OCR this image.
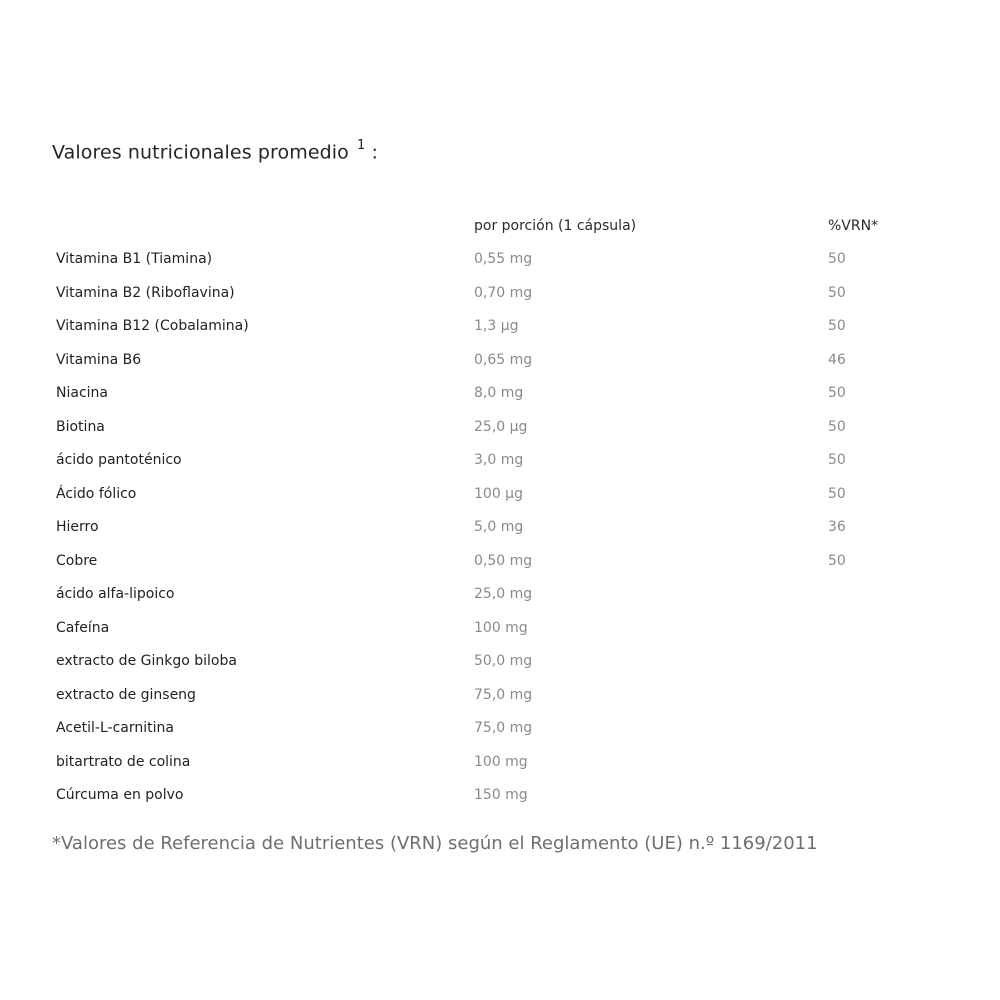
Valores nutricionales promedio $^1$ :
	por porción (1 cápsula)	%VRN*
Vitamina B1 (Tiamina)	0,55 mg	50
Vitamina B2 (Riboflavina)	0,70 mg	50
Vitamina B12 (Cobalamina)	1,3 µg	50
Vitamina B6	0,65 mg	46
Niacina	8,0 mg	50
Biotina	25,0 µg	50
ácido pantoténico	3,0 mg	50
Ácido fólico	100 µg	50
Hierro	5,0 mg	36
Cobre	0,50 mg	50
ácido alfa-lipoico	25,0 mg	
Cafeína	100 mg	
extracto de Ginkgo biloba	50,0 mg	
extracto de ginseng	75,0 mg	
Acetil-L-carnitina	75,0 mg	
bitartrato de colina	100 mg	
Cúrcuma en polvo	150 mg	

*Valores de Referencia de Nutrientes (VRN) según el Reglamento (UE) n.º 1169/2011
